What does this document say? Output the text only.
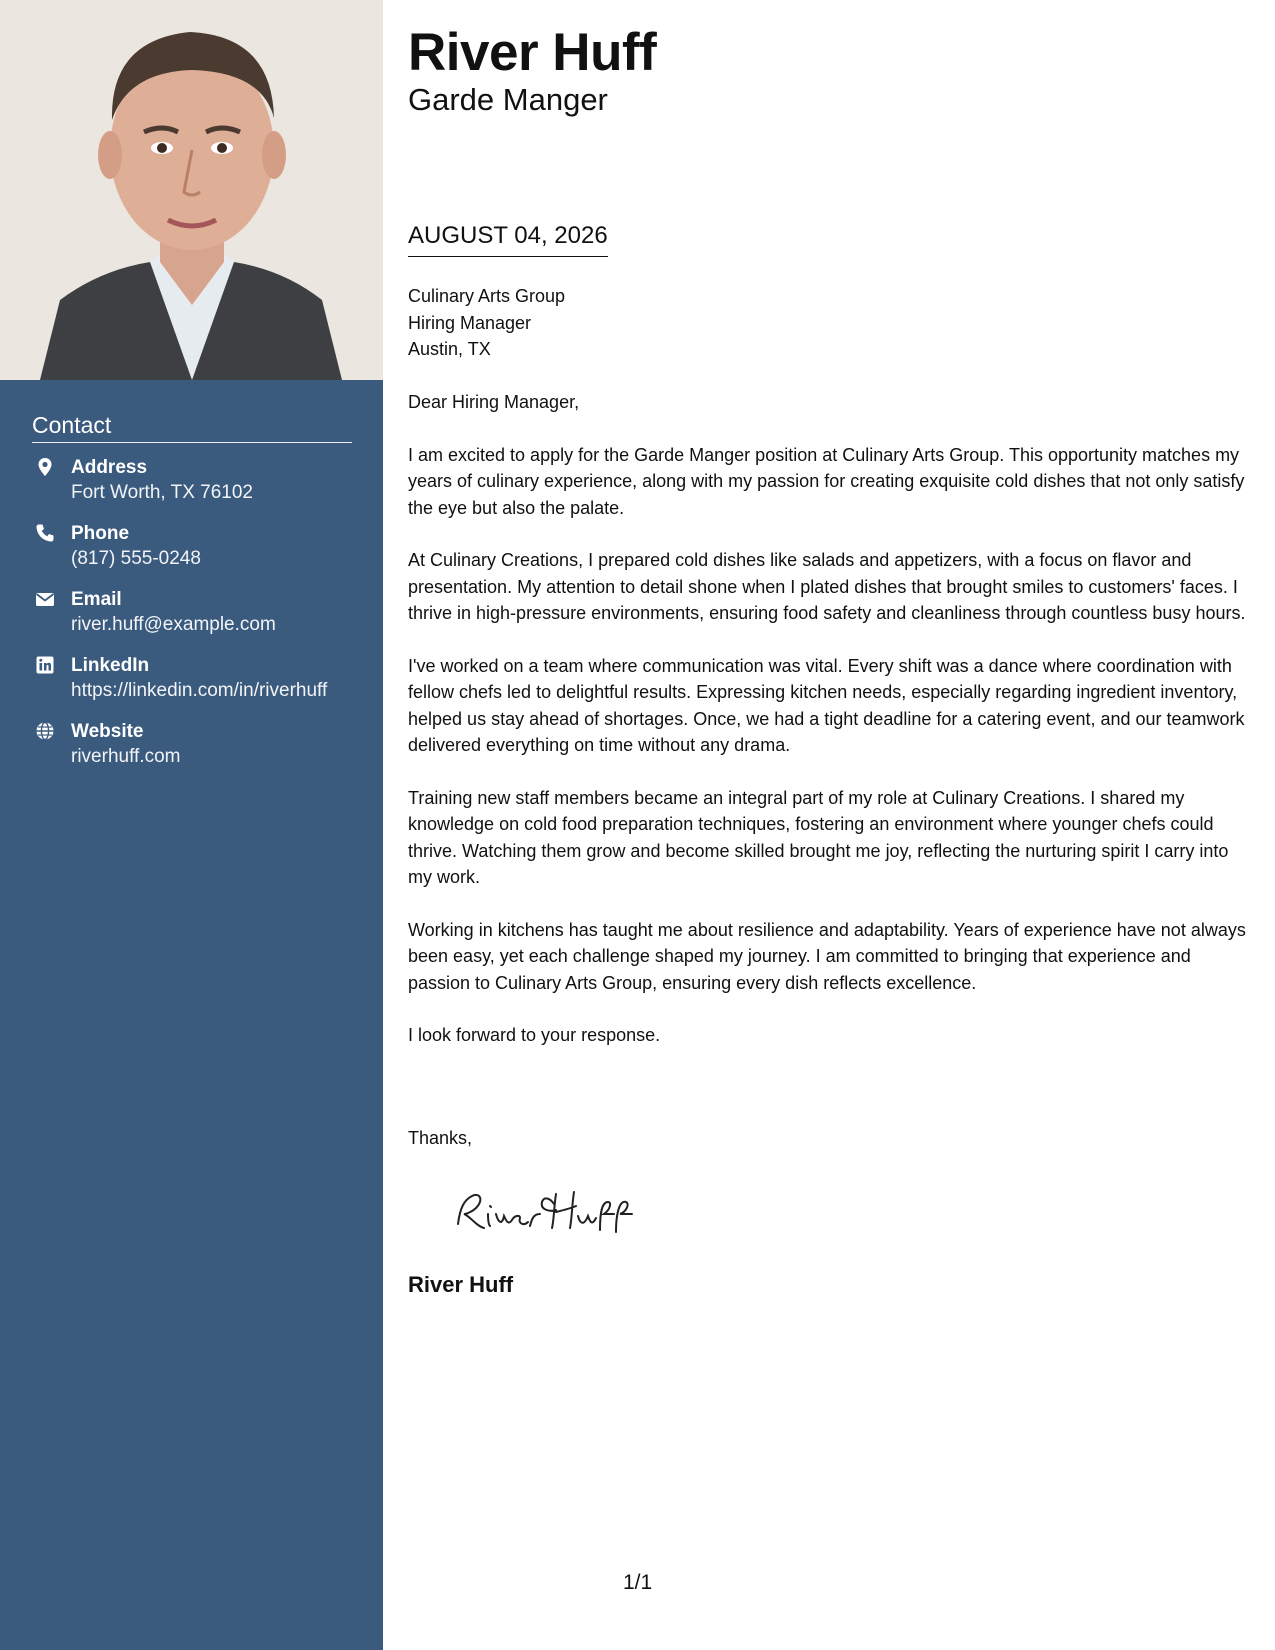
Contact
Address
Fort Worth, TX 76102
Phone
(817) 555-0248
Email
river.huff@example.com
LinkedIn
https://linkedin.com/in/riverhuff
Website
riverhuff.com
River Huff
Garde Manger
AUGUST 04, 2026
Culinary Arts Group
Hiring Manager
Austin, TX

Dear Hiring Manager,

I am excited to apply for the Garde Manger position at Culinary Arts Group. This opportunity matches my years of culinary experience, along with my passion for creating exquisite cold dishes that not only satisfy the eye but also the palate.

At Culinary Creations, I prepared cold dishes like salads and appetizers, with a focus on flavor and presentation. My attention to detail shone when I plated dishes that brought smiles to customers' faces. I thrive in high-pressure environments, ensuring food safety and cleanliness through countless busy hours.

I've worked on a team where communication was vital. Every shift was a dance where coordination with fellow chefs led to delightful results. Expressing kitchen needs, especially regarding ingredient inventory, helped us stay ahead of shortages. Once, we had a tight deadline for a catering event, and our teamwork delivered everything on time without any drama.

Training new staff members became an integral part of my role at Culinary Creations. I shared my knowledge on cold food preparation techniques, fostering an environment where younger chefs could thrive. Watching them grow and become skilled brought me joy, reflecting the nurturing spirit I carry into my work.

Working in kitchens has taught me about resilience and adaptability. Years of experience have not always been easy, yet each challenge shaped my journey. I am committed to bringing that experience and passion to Culinary Arts Group, ensuring every dish reflects excellence.

I look forward to your response.

Thanks,
River Huff
1/1
